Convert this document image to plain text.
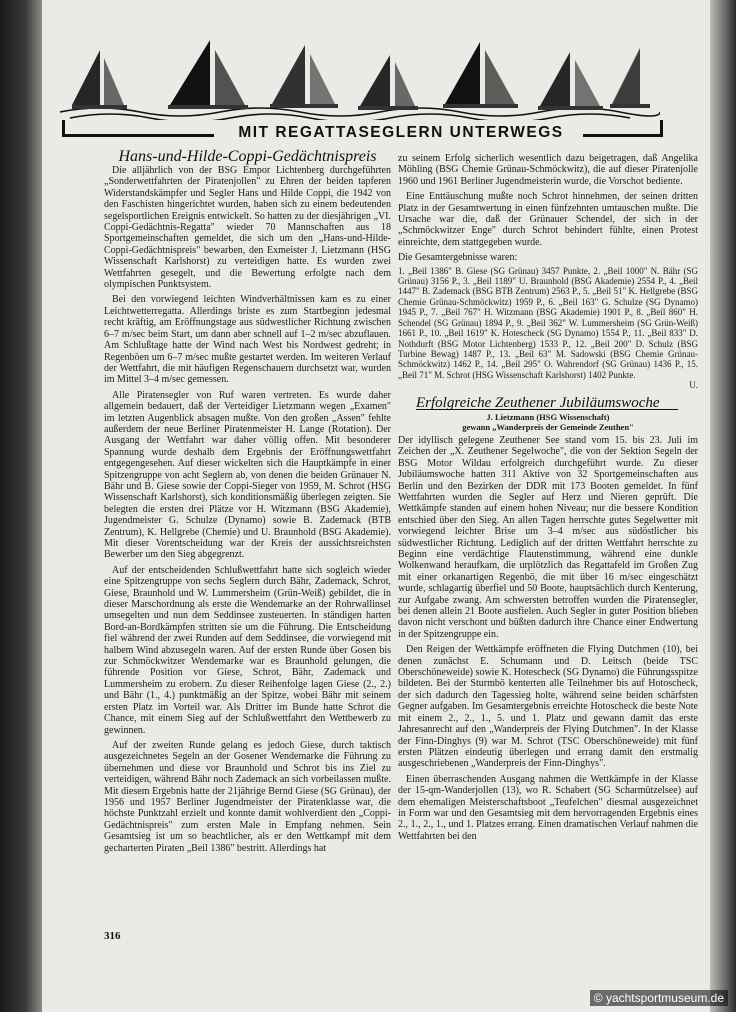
MIT REGATTASEGLERN UNTERWEGS
Hans-und-Hilde-Coppi-Gedächtnispreis

Die alljährlich von der BSG Empor Lichtenberg durchgeführten „Sonderwettfahrten der Piratenjollen" zu Ehren der beiden tapferen Widerstandskämpfer und Segler Hans und Hilde Coppi, die 1942 von den Faschisten hingerichtet wurden, haben sich zu einem bedeutenden segelsportlichen Ereignis entwickelt. So hatten zu der diesjährigen „VI. Coppi-Gedächtnis-Regatta" wieder 70 Mannschaften aus 18 Sportgemeinschaften gemeldet, die sich um den „Hans-und-Hilde-Coppi-Gedächtnispreis" bewarben, den Exmeister J. Lietzmann (HSG Wissenschaft Karlshorst) zu verteidigen hatte. Es wurden zwei Wettfahrten gesegelt, und die Bewertung erfolgte nach dem olympischen Punktsystem.

Bei den vorwiegend leichten Windverhältnissen kam es zu einer Leichtwetterregatta. Allerdings briste es zum Startbeginn jedesmal recht kräftig, am Eröffnungstage aus südwestlicher Richtung zwischen 6–7 m/sec beim Start, um dann aber schnell auf 1–2 m/sec abzuflauen. Am Schlußtage hatte der Wind nach West bis Nordwest gedreht; in Regenböen um 6–7 m/sec mußte gestartet werden. Im weiteren Verlauf der Wettfahrt, die mit häufigen Regenschauern durchsetzt war, wurden im Mittel 3–4 m/sec gemessen.

Alle Piratensegler von Ruf waren vertreten. Es wurde daher allgemein bedauert, daß der Verteidiger Lietzmann wegen „Examen" im letzten Augenblick absagen mußte. Von den großen „Assen" fehlte außerdem der neue Berliner Piratenmeister H. Lange (Rotation). Der Ausgang der Wettfahrt war daher völlig offen. Mit besonderer Spannung wurde deshalb dem Ergebnis der Eröffnungswettfahrt entgegengesehen. Auf dieser wickelten sich die Hauptkämpfe in einer Spitzengruppe von acht Seglern ab, von denen die beiden Grünauer N. Bähr und B. Giese sowie der Coppi-Sieger von 1959, M. Schrot (HSG Wissenschaft Karlshorst), sich konditionsmäßig überlegen zeigten. Sie belegten die ersten drei Plätze vor H. Witzmann (BSG Akademie), Jugendmeister G. Schulze (Dynamo) sowie B. Zademack (BTB Zentrum), K. Hellgrebe (Chemie) und U. Braunhold (BSG Akademie). Mit dieser Vorentscheidung war der Kreis der aussichtsreichsten Bewerber um den Sieg abgegrenzt.

Auf der entscheidenden Schlußwettfahrt hatte sich sogleich wieder eine Spitzengruppe von sechs Seglern durch Bähr, Zademack, Schrot, Giese, Braunhold und W. Lummersheim (Grün-Weiß) gebildet, die in dieser Marschordnung als erste die Wendemarke an der Rohrwallinsel umsegelten und nun dem Seddinsee zusteuerten. In ständigen harten Bord-an-Bordkämpfen stritten sie um die Führung. Die Entscheidung fiel während der zwei Runden auf dem Seddinsee, die vorwiegend mit halbem Wind abzusegeln waren. Auf der ersten Runde über Gosen bis zur Schmöckwitzer Wendemarke war es Braunhold gelungen, die führende Position vor Giese, Schrot, Bähr, Zademack und Lummersheim zu erobern. Zu dieser Reihenfolge lagen Giese (2., 2.) und Bähr (1., 4.) punktmäßig an der Spitze, wobei Bähr mit seinem ersten Platz im Vorteil war. Als Dritter im Bunde hatte Schrot die Chance, mit einem Sieg auf der Schlußwettfahrt den Wettbewerb zu gewinnen.

Auf der zweiten Runde gelang es jedoch Giese, durch taktisch ausgezeichnetes Segeln an der Gosener Wendemarke die Führung zu übernehmen und diese vor Braunhold und Schrot bis ins Ziel zu verteidigen, während Bähr noch Zademack an sich vorbeilassen mußte. Mit diesem Ergebnis hatte der 21jährige Bernd Giese (SG Grünau), der 1956 und 1957 Berliner Jugendmeister der Piratenklasse war, die höchste Punktzahl erzielt und konnte damit wohlverdient den „Coppi-Gedächtnispreis" zum ersten Male in Empfang nehmen. Sein Gesamtsieg ist um so beachtlicher, als er den Wettkampf mit dem gecharterten Piraten „Beil 1386" bestritt. Allerdings hat

zu seinem Erfolg sicherlich wesentlich dazu beigetragen, daß Angelika Möhling (BSG Chemie Grünau-Schmöckwitz), die auf dieser Piratenjolle 1960 und 1961 Berliner Jugendmeisterin wurde, die Vorschot bediente.

Eine Enttäuschung mußte noch Schrot hinnehmen, der seinen dritten Platz in der Gesamtwertung in einen fünfzehnten umtauschen mußte. Die Ursache war die, daß der Grünauer Schendel, der sich in der „Schmöckwitzer Enge" durch Schrot behindert fühlte, einen Protest einreichte, dem stattgegeben wurde.

Die Gesamtergebnisse waren:
1. „Beil 1386" B. Giese (SG Grünau) 3457 Punkte, 2. „Beil 1000" N. Bähr (SG Grünau) 3156 P., 3. „Beil 1189" U. Braunhold (BSG Akademie) 2554 P., 4. „Beil 1447" B. Zademack (BSG BTB Zentrum) 2563 P., 5. „Beil 51" K. Hellgrebe (BSG Chemie Grünau-Schmöckwitz) 1959 P., 6. „Beil 163" G. Schulze (SG Dynamo) 1945 P., 7. „Beil 767" H. Witzmann (BSG Akademie) 1901 P., 8. „Beil 860" H. Schendel (SG Grünau) 1894 P., 9. „Beil 362" W. Lummersheim (SG Grün-Weiß) 1661 P., 10. „Beil 1619" K. Hotescheck (SG Dynamo) 1554 P., 11. „Beil 833" D. Nothdurft (BSG Motor Lichtenberg) 1533 P., 12. „Beil 200" D. Schulz (BSG Turbine Bewag) 1487 P., 13. „Beil 63" M. Sadowski (BSG Chemie Grünau-Schmöckwitz) 1462 P., 14. „Beil 295" O. Wahrendorf (SG Grünau) 1436 P., 15. „Beil 71" M. Schrot (HSG Wissenschaft Karlshorst) 1402 Punkte.
U.
Erfolgreiche Zeuthener Jubiläumswoche
J. Lietzmann (HSG Wissenschaft)
gewann „Wanderpreis der Gemeinde Zeuthen"

Der idyllisch gelegene Zeuthener See stand vom 15. bis 23. Juli im Zeichen der „X. Zeuthener Segelwoche", die von der Sektion Segeln der BSG Motor Wildau erfolgreich durchgeführt wurde. Zu dieser Jubiläumswoche hatten 311 Aktive von 32 Sportgemeinschaften aus Berlin und den Bezirken der DDR mit 173 Booten gemeldet. In fünf Wettfahrten wurden die Segler auf Herz und Nieren geprüft. Die Wettkämpfe standen auf einem hohen Niveau; nur die bessere Kondition entschied über den Sieg. An allen Tagen herrschte gutes Segelwetter mit vorwiegend leichter Brise um 3–4 m/sec aus südöstlicher bis südwestlicher Richtung. Lediglich auf der dritten Wettfahrt herrschte zu Beginn eine verdächtige Flautenstimmung, während eine dunkle Wolkenwand heraufkam, die urplötzlich das Regattafeld im Großen Zug mit einer orkanartigen Regenbö, die mit über 16 m/sec eingeschätzt wurde, schlagartig überfiel und 50 Boote, hauptsächlich durch Kenterung, zur Aufgabe zwang. Am schwersten betroffen wurden die Piratensegler, bei denen allein 21 Boote ausfielen. Auch Segler in guter Position blieben davon nicht verschont und büßten dadurch ihre Chance einer Endwertung in der Spitzengruppe ein.

Den Reigen der Wettkämpfe eröffneten die Flying Dutchmen (10), bei denen zunächst E. Schumann und D. Leitsch (beide TSC Oberschöneweide) sowie K. Hotescheck (SG Dynamo) die Führungsspitze bildeten. Bei der Sturmbö kenterten alle Teilnehmer bis auf Hotoscheck, der sich dadurch den Tagessieg holte, während seine beiden schärfsten Gegner aufgaben. Im Gesamtergebnis erreichte Hotoscheck die beste Note mit einem 2., 2., 1., 5. und 1. Platz und gewann damit das erste Jahresanrecht auf den „Wanderpreis der Flying Dutchmen". In der Klasse der Finn-Dinghys (9) war M. Schrot (TSC Oberschöneweide) mit fünf ersten Plätzen eindeutig überlegen und errang damit den erstmalig ausgeschriebenen „Wanderpreis der Finn-Dinghys".

Einen überraschenden Ausgang nahmen die Wettkämpfe in der Klasse der 15-qm-Wanderjollen (13), wo R. Schabert (SG Scharmützelsee) auf dem ehemaligen Meisterschaftsboot „Teufelchen" diesmal ausgezeichnet in Form war und den Gesamtsieg mit dem hervorragenden Ergebnis eines 2., 1., 2., 1., und 1. Platzes errang. Einen dramatischen Verlauf nahmen die Wettfahrten bei den

316
© yachtsportmuseum.de
